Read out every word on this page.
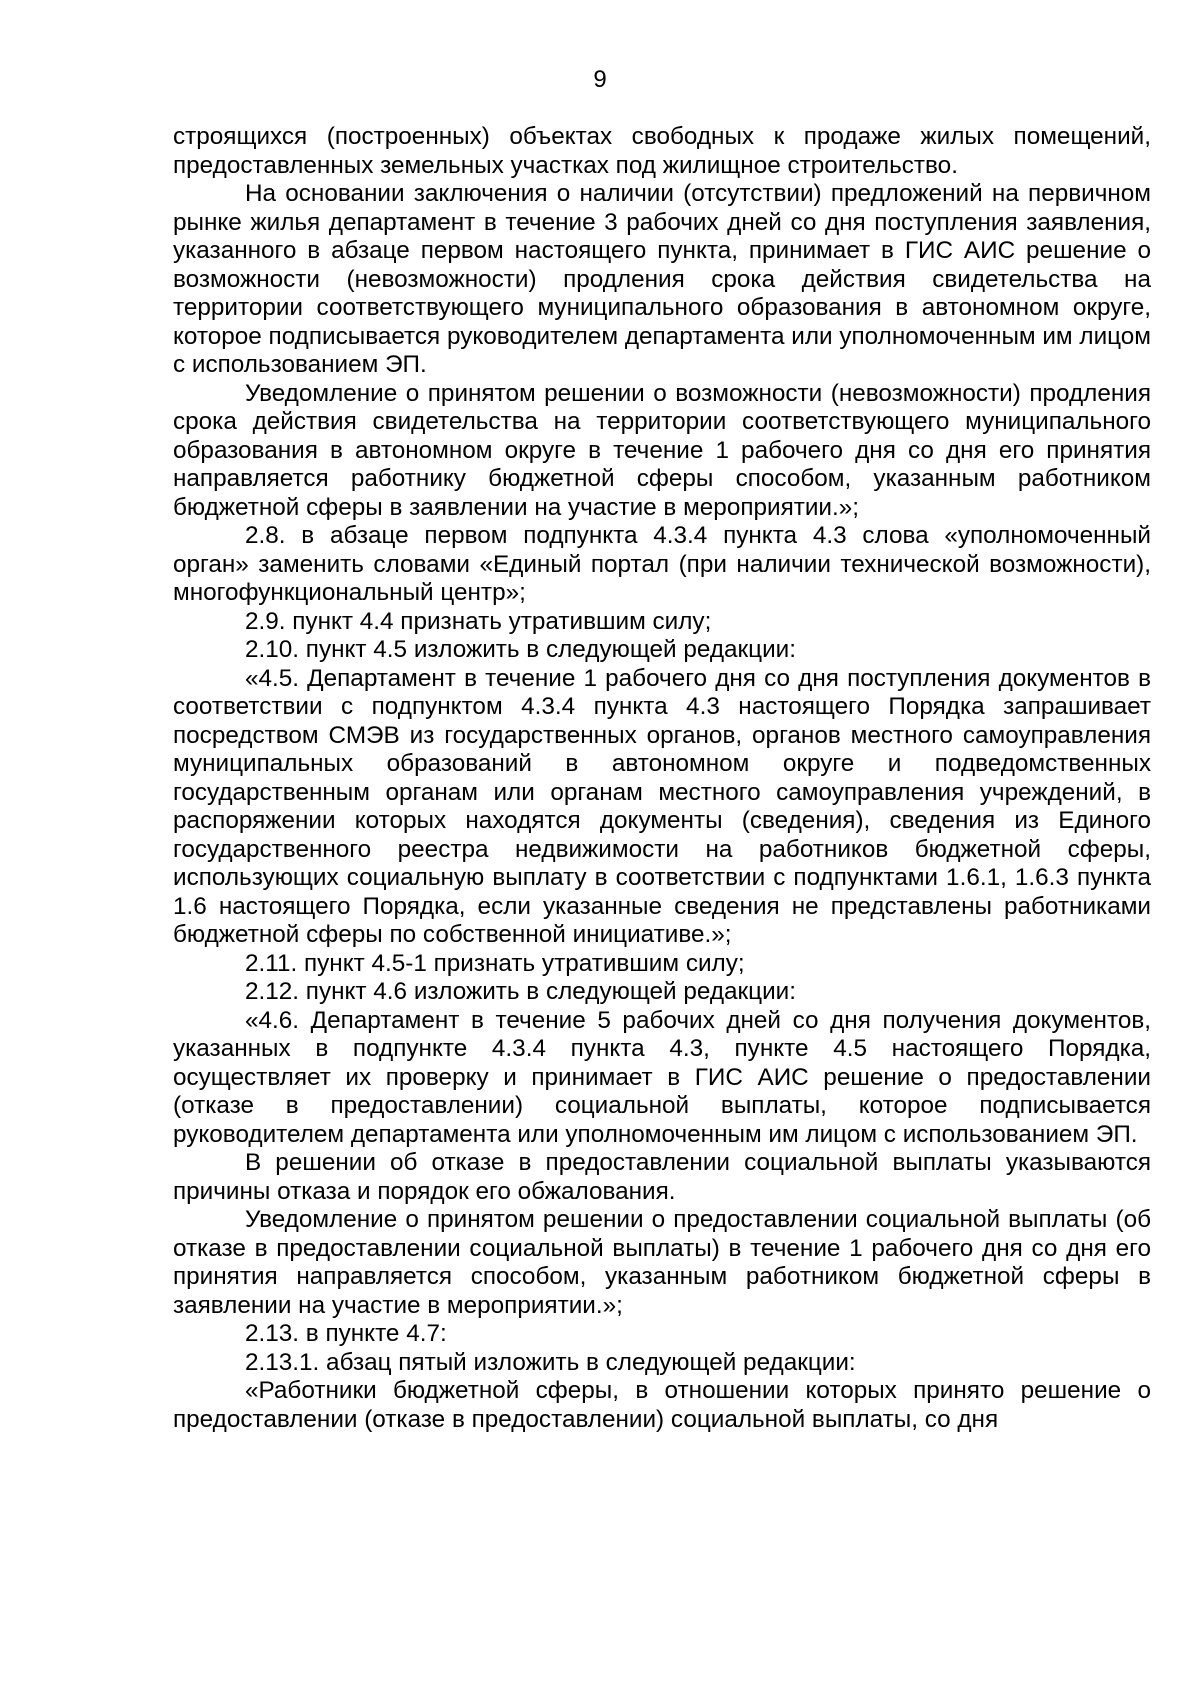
9

строящихся (построенных) объектах свободных к продаже жилых помещений, предоставленных земельных участках под жилищное строительство.

На основании заключения о наличии (отсутствии) предложений на первичном рынке жилья департамент в течение 3 рабочих дней со дня поступления заявления, указанного в абзаце первом настоящего пункта, принимает в ГИС АИС решение о возможности (невозможности) продления срока действия свидетельства на территории соответствующего муниципального образования в автономном округе, которое подписывается руководителем департамента или уполномоченным им лицом с использованием ЭП.

Уведомление о принятом решении о возможности (невозможности) продления срока действия свидетельства на территории соответствующего муниципального образования в автономном округе в течение 1 рабочего дня со дня его принятия направляется работнику бюджетной сферы способом, указанным работником бюджетной сферы в заявлении на участие в мероприятии.»;

2.8. в абзаце первом подпункта 4.3.4 пункта 4.3 слова «уполномоченный орган» заменить словами «Единый портал (при наличии технической возможности), многофункциональный центр»;

2.9. пункт 4.4 признать утратившим силу;

2.10. пункт 4.5 изложить в следующей редакции:

«4.5. Департамент в течение 1 рабочего дня со дня поступления документов в соответствии с подпунктом 4.3.4 пункта 4.3 настоящего Порядка запрашивает посредством СМЭВ из государственных органов, органов местного самоуправления муниципальных образований в автономном округе и подведомственных государственным органам или органам местного самоуправления учреждений, в распоряжении которых находятся документы (сведения), сведения из Единого государственного реестра недвижимости на работников бюджетной сферы, использующих социальную выплату в соответствии с подпунктами 1.6.1, 1.6.3 пункта 1.6 настоящего Порядка, если указанные сведения не представлены работниками бюджетной сферы по собственной инициативе.»;

2.11. пункт 4.5-1 признать утратившим силу;

2.12. пункт 4.6 изложить в следующей редакции:

«4.6. Департамент в течение 5 рабочих дней со дня получения документов, указанных в подпункте 4.3.4 пункта 4.3, пункте 4.5 настоящего Порядка, осуществляет их проверку и принимает в ГИС АИС решение о предоставлении (отказе в предоставлении) социальной выплаты, которое подписывается руководителем департамента или уполномоченным им лицом с использованием ЭП.

В решении об отказе в предоставлении социальной выплаты указываются причины отказа и порядок его обжалования.

Уведомление о принятом решении о предоставлении социальной выплаты (об отказе в предоставлении социальной выплаты) в течение 1 рабочего дня со дня его принятия направляется способом, указанным работником бюджетной сферы в заявлении на участие в мероприятии.»;

2.13. в пункте 4.7:

2.13.1. абзац пятый изложить в следующей редакции:

«Работники бюджетной сферы, в отношении которых принято решение о предоставлении (отказе в предоставлении) социальной выплаты, со дня
